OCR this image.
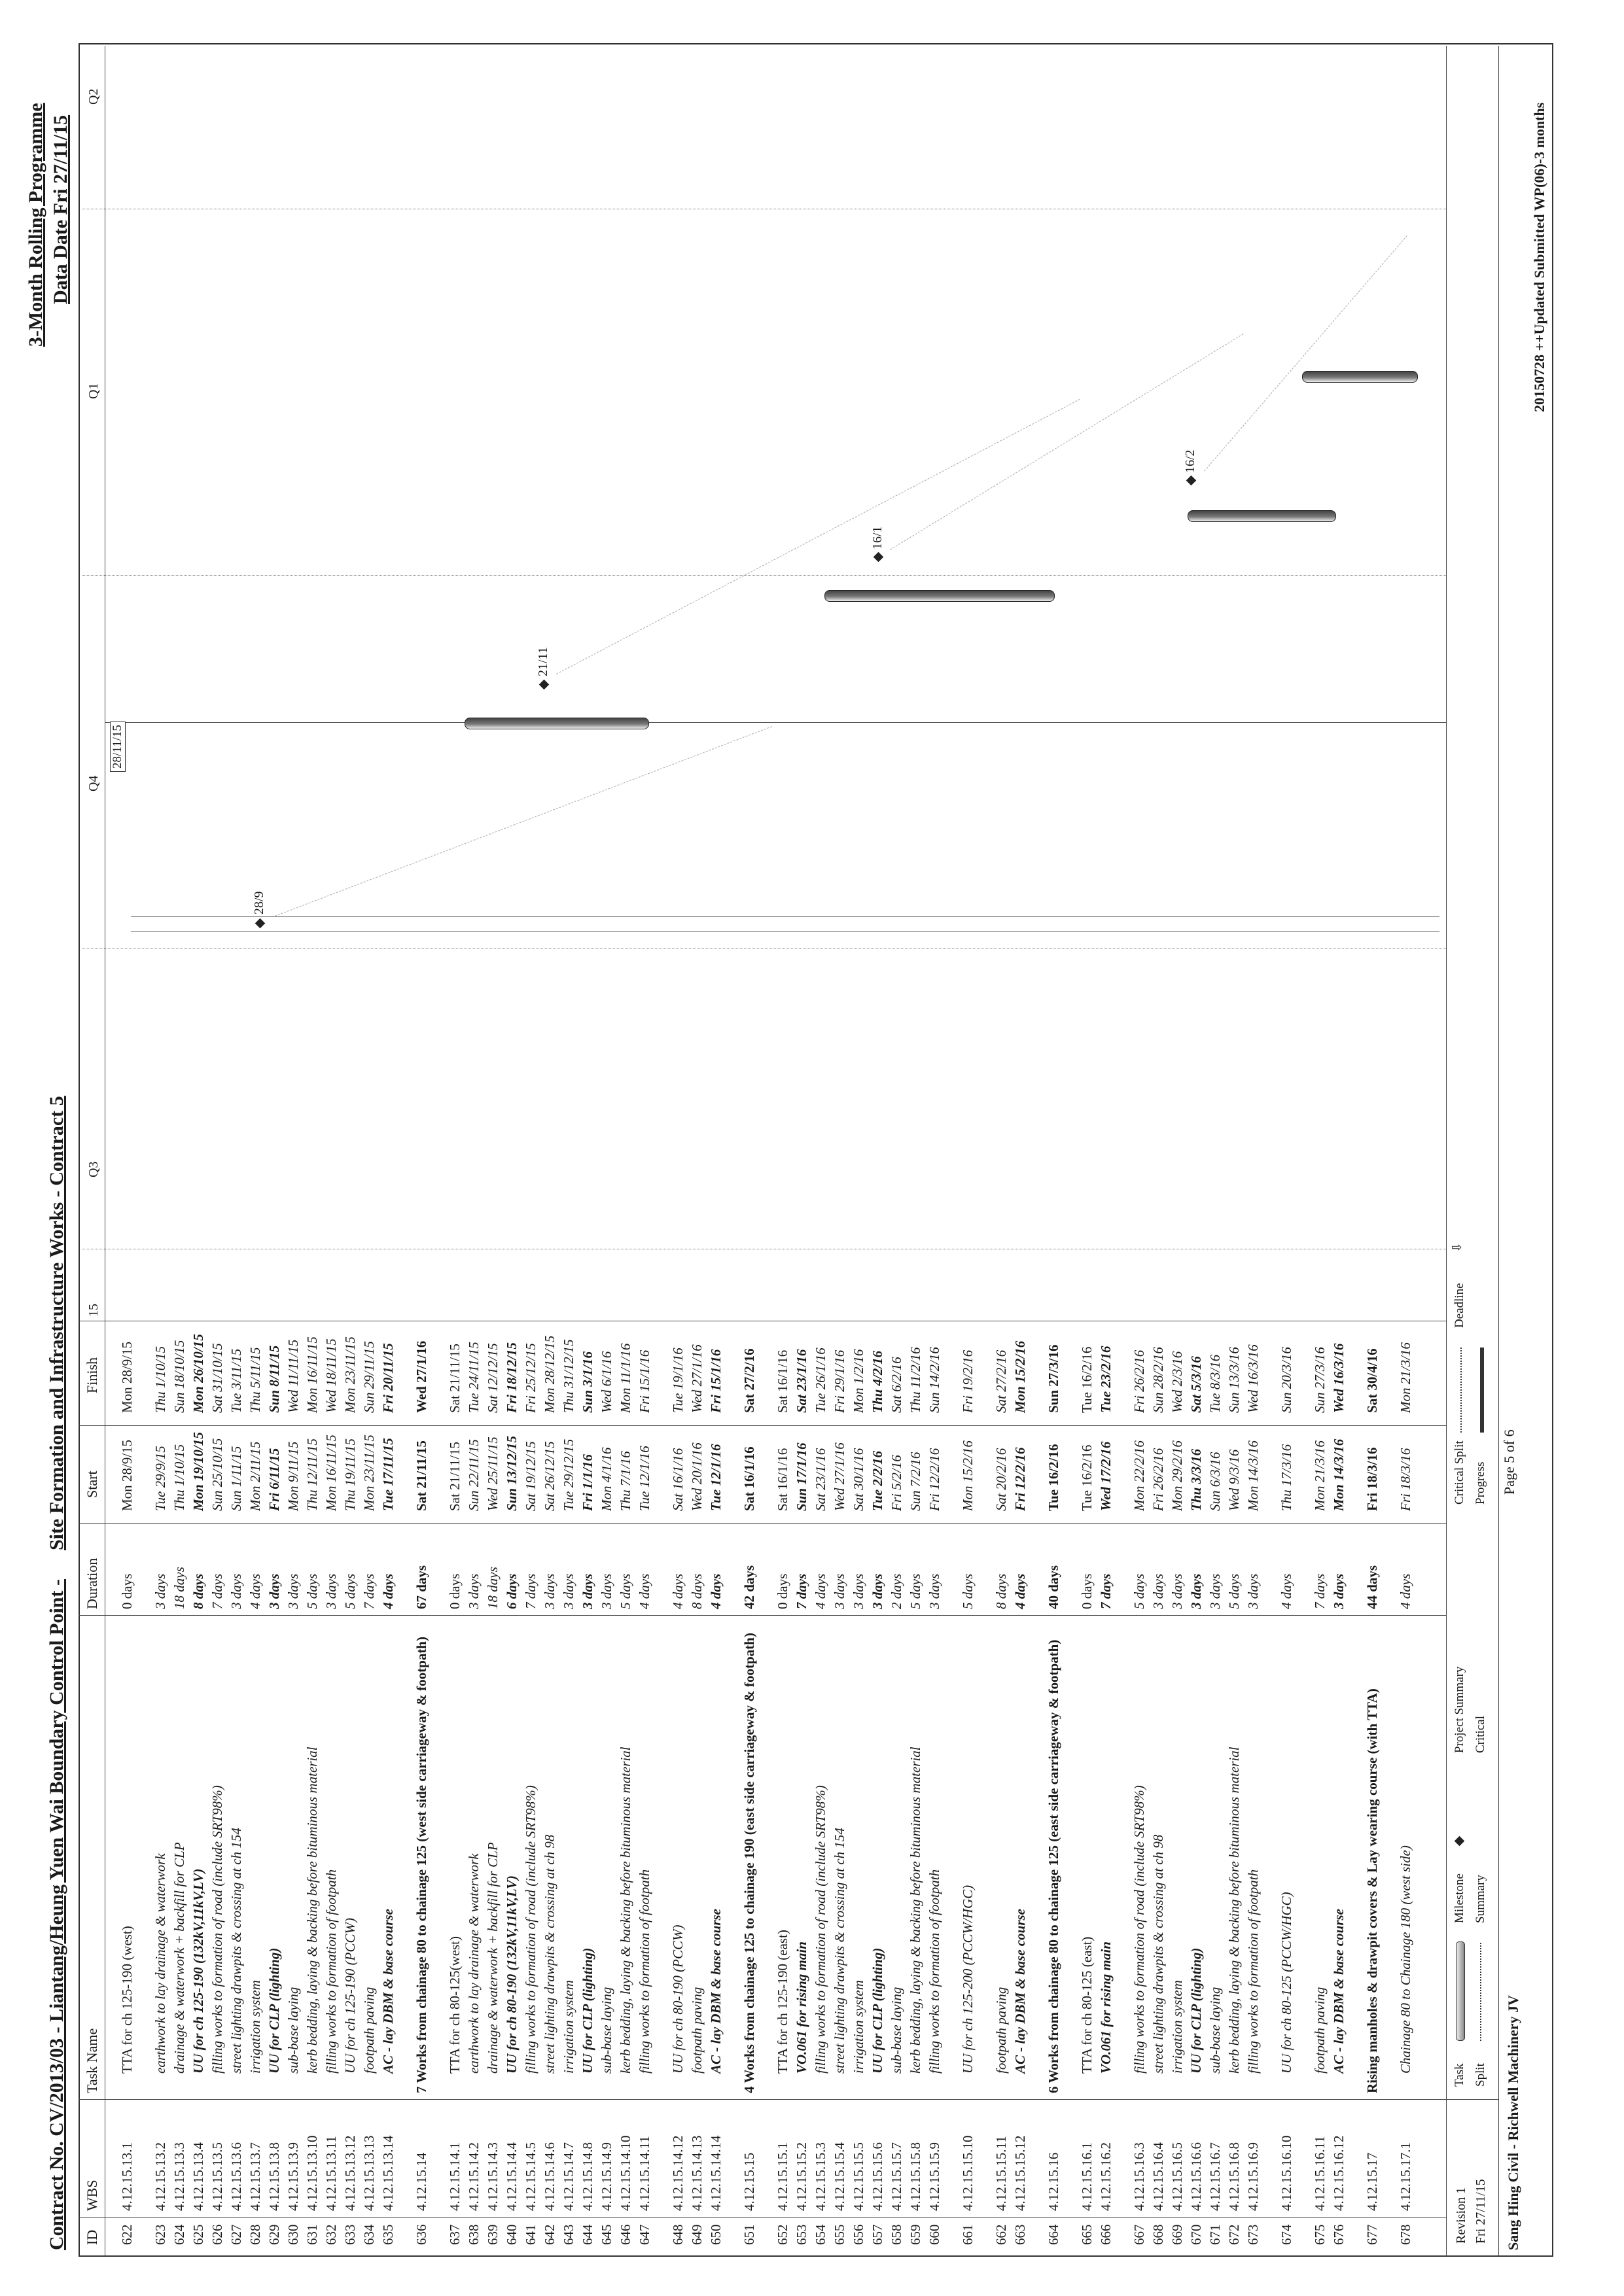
Contract No. CV/2013/03 - Liantang/Heung Yuen Wai Boundary Control Point -
Site Formation and Infrastructure Works - Contract 5
3-Month Rolling Programme Data Date Fri 27/11/15
ID
WBS
Task Name
Duration
Start
Finish
15
Q3
Q4
Q1
Q2
28/11/15
622
4.12.15.13.1
TTA for ch 125-190 (west)
0 days
Mon 28/9/15
Mon 28/9/15
623
4.12.15.13.2
earthwork to lay drainage & waterwork
3 days
Tue 29/9/15
Thu 1/10/15
624
4.12.15.13.3
drainage & waterwork + backfill for CLP
18 days
Thu 1/10/15
Sun 18/10/15
625
4.12.15.13.4
UU for ch 125-190 (132kV,11kV,LV)
8 days
Mon 19/10/15
Mon 26/10/15
626
4.12.15.13.5
filling works to formation of road (include SRT98%)
7 days
Sun 25/10/15
Sat 31/10/15
627
4.12.15.13.6
street lighting drawpits & crossing at ch 154
3 days
Sun 1/11/15
Tue 3/11/15
628
4.12.15.13.7
irrigation system
4 days
Mon 2/11/15
Thu 5/11/15
629
4.12.15.13.8
UU for CLP (lighting)
3 days
Fri 6/11/15
Sun 8/11/15
630
4.12.15.13.9
sub-base laying
3 days
Mon 9/11/15
Wed 11/11/15
631
4.12.15.13.10
kerb bedding, laying & backing before bituminous material
5 days
Thu 12/11/15
Mon 16/11/15
632
4.12.15.13.11
filling works to formation of footpath
3 days
Mon 16/11/15
Wed 18/11/15
633
4.12.15.13.12
UU for ch 125-190 (PCCW)
5 days
Thu 19/11/15
Mon 23/11/15
634
4.12.15.13.13
footpath paving
7 days
Mon 23/11/15
Sun 29/11/15
635
4.12.15.13.14
AC - lay DBM & base course
4 days
Tue 17/11/15
Fri 20/11/15
636
4.12.15.14
7 Works from chainage 80 to chainage 125 (west side carriageway & footpath)
67 days
Sat 21/11/15
Wed 27/1/16
637
4.12.15.14.1
TTA for ch 80-125(west)
0 days
Sat 21/11/15
Sat 21/11/15
638
4.12.15.14.2
earthwork to lay drainage & waterwork
3 days
Sun 22/11/15
Tue 24/11/15
639
4.12.15.14.3
drainage & waterwork + backfill for CLP
18 days
Wed 25/11/15
Sat 12/12/15
640
4.12.15.14.4
UU for ch 80-190 (132kV,11kV,LV)
6 days
Sun 13/12/15
Fri 18/12/15
641
4.12.15.14.5
filling works to formation of road (include SRT98%)
7 days
Sat 19/12/15
Fri 25/12/15
642
4.12.15.14.6
street lighting drawpits & crossing at ch 98
3 days
Sat 26/12/15
Mon 28/12/15
643
4.12.15.14.7
irrigation system
3 days
Tue 29/12/15
Thu 31/12/15
644
4.12.15.14.8
UU for CLP (lighting)
3 days
Fri 1/1/16
Sun 3/1/16
645
4.12.15.14.9
sub-base laying
3 days
Mon 4/1/16
Wed 6/1/16
646
4.12.15.14.10
kerb bedding, laying & backing before bituminous material
5 days
Thu 7/1/16
Mon 11/1/16
647
4.12.15.14.11
filling works to formation of footpath
4 days
Tue 12/1/16
Fri 15/1/16
648
4.12.15.14.12
UU for ch 80-190 (PCCW)
4 days
Sat 16/1/16
Tue 19/1/16
649
4.12.15.14.13
footpath paving
8 days
Wed 20/1/16
Wed 27/1/16
650
4.12.15.14.14
AC - lay DBM & base course
4 days
Tue 12/1/16
Fri 15/1/16
651
4.12.15.15
4 Works from chainage 125 to chainage 190 (east side carriageway & footpath)
42 days
Sat 16/1/16
Sat 27/2/16
652
4.12.15.15.1
TTA for ch 125-190 (east)
0 days
Sat 16/1/16
Sat 16/1/16
653
4.12.15.15.2
VO.061 for rising main
7 days
Sun 17/1/16
Sat 23/1/16
654
4.12.15.15.3
filling works to formation of road (include SRT98%)
4 days
Sat 23/1/16
Tue 26/1/16
655
4.12.15.15.4
street lighting drawpits & crossing at ch 154
3 days
Wed 27/1/16
Fri 29/1/16
656
4.12.15.15.5
irrigation system
3 days
Sat 30/1/16
Mon 1/2/16
657
4.12.15.15.6
UU for CLP (lighting)
3 days
Tue 2/2/16
Thu 4/2/16
658
4.12.15.15.7
sub-base laying
2 days
Fri 5/2/16
Sat 6/2/16
659
4.12.15.15.8
kerb bedding, laying & backing before bituminous material
5 days
Sun 7/2/16
Thu 11/2/16
660
4.12.15.15.9
filling works to formation of footpath
3 days
Fri 12/2/16
Sun 14/2/16
661
4.12.15.15.10
UU for ch 125-200 (PCCW/HGC)
5 days
Mon 15/2/16
Fri 19/2/16
662
4.12.15.15.11
footpath paving
8 days
Sat 20/2/16
Sat 27/2/16
663
4.12.15.15.12
AC - lay DBM & base course
4 days
Fri 12/2/16
Mon 15/2/16
664
4.12.15.16
6 Works from chainage 80 to chainage 125 (east side carriageway & footpath)
40 days
Tue 16/2/16
Sun 27/3/16
665
4.12.15.16.1
TTA for ch 80-125 (east)
0 days
Tue 16/2/16
Tue 16/2/16
666
4.12.15.16.2
VO.061 for rising main
7 days
Wed 17/2/16
Tue 23/2/16
667
4.12.15.16.3
filling works to formation of road (include SRT98%)
5 days
Mon 22/2/16
Fri 26/2/16
668
4.12.15.16.4
street lighting drawpits & crossing at ch 98
3 days
Fri 26/2/16
Sun 28/2/16
669
4.12.15.16.5
irrigation system
3 days
Mon 29/2/16
Wed 2/3/16
670
4.12.15.16.6
UU for CLP (lighting)
3 days
Thu 3/3/16
Sat 5/3/16
671
4.12.15.16.7
sub-base laying
3 days
Sun 6/3/16
Tue 8/3/16
672
4.12.15.16.8
kerb bedding, laying & backing before bituminous material
5 days
Wed 9/3/16
Sun 13/3/16
673
4.12.15.16.9
filling works to formation of footpath
3 days
Mon 14/3/16
Wed 16/3/16
674
4.12.15.16.10
UU for ch 80-125 (PCCW/HGC)
4 days
Thu 17/3/16
Sun 20/3/16
675
4.12.15.16.11
footpath paving
7 days
Mon 21/3/16
Sun 27/3/16
676
4.12.15.16.12
AC - lay DBM & base course
3 days
Mon 14/3/16
Wed 16/3/16
677
4.12.15.17
Rising manholes & drawpit covers & Lay wearing course (with TTA)
44 days
Fri 18/3/16
Sat 30/4/16
678
4.12.15.17.1
Chainage 80 to Chainage 180 (west side)
4 days
Fri 18/3/16
Mon 21/3/16
28/9
21/11
16/1
16/2
Task Split
Milestone Summary
Project Summary Critical
Critical Split Progress
Deadline
⇩
Revision 1 Fri 27/11/15
Page 5 of 6
Sang Hing Civil - Richwell Machinery JV
20150728 ++Updated Submitted WP(06)-3 months
